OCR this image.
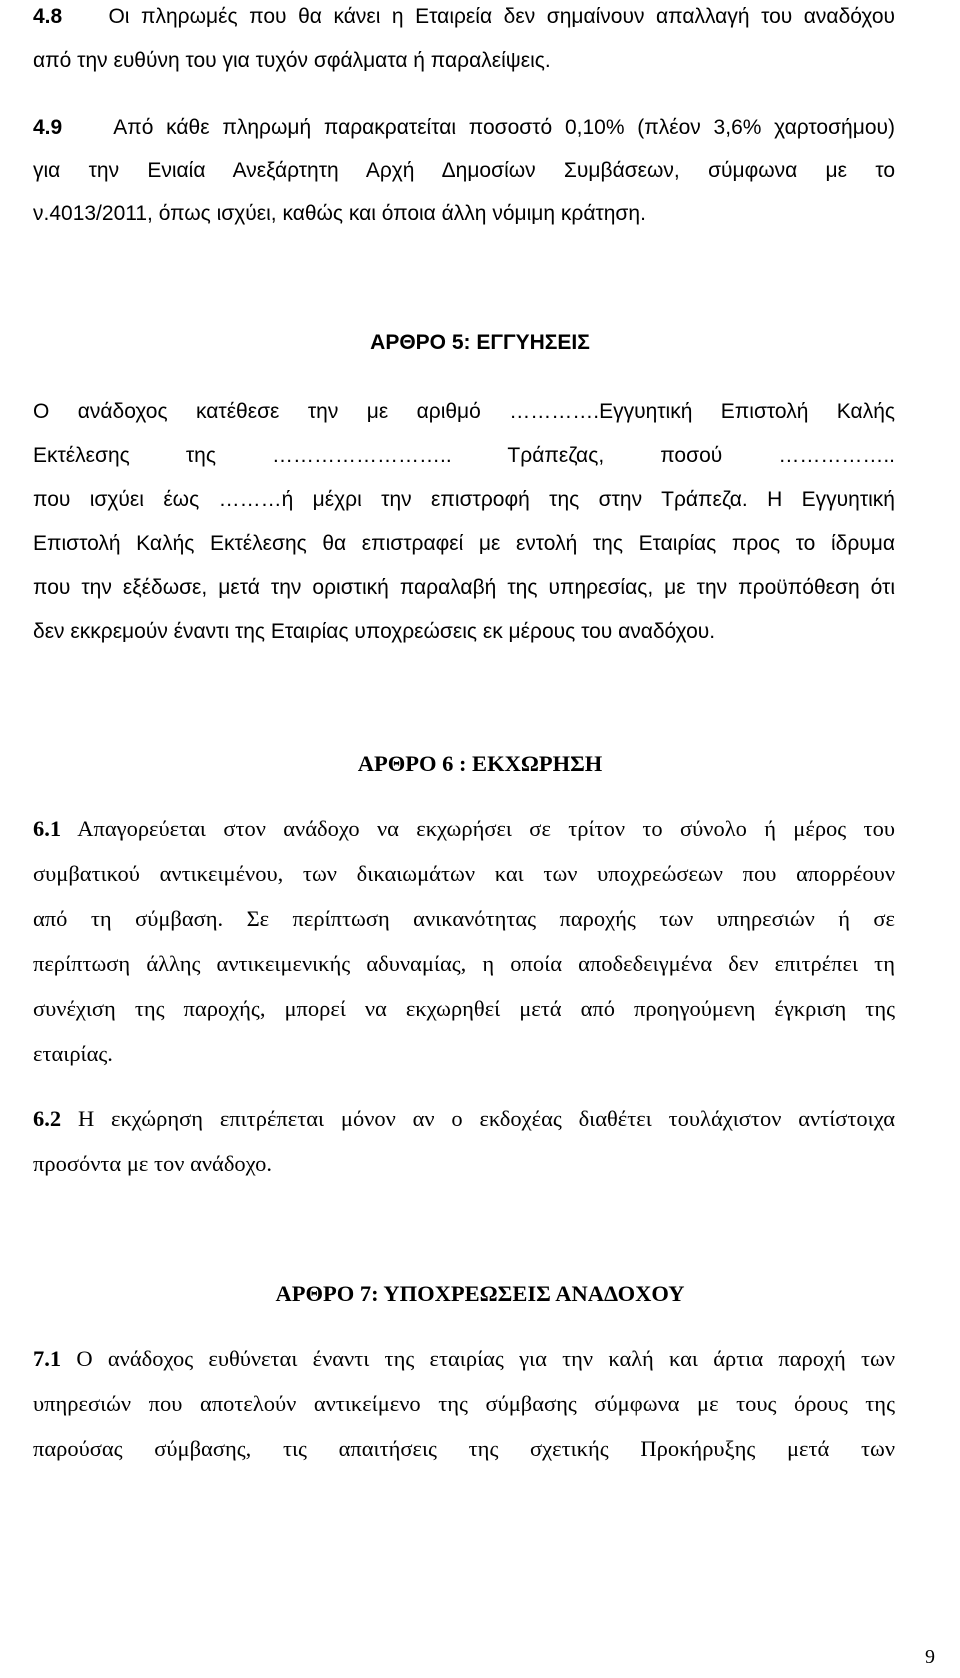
4.8 Οι πληρωμές που θα κάνει η Εταιρεία δεν σημαίνουν απαλλαγή του αναδόχου
από την ευθύνη του για τυχόν σφάλματα ή παραλείψεις.
4.9 Από κάθε πληρωμή παρακρατείται ποσοστό 0,10% (πλέον 3,6% χαρτοσήμου)
για την Ενιαία Ανεξάρτητη Αρχή Δημοσίων Συμβάσεων, σύμφωνα με το
ν.4013/2011, όπως ισχύει, καθώς και όποια άλλη νόμιμη κράτηση.
ΑΡΘΡΟ 5: ΕΓΓΥΗΣΕΙΣ
Ο ανάδοχος κατέθεσε την με αριθμό ………….Εγγυητική Επιστολή Καλής
Εκτέλεσης της …………………….. Τράπεζας, ποσού ……………..
που ισχύει έως ………ή μέχρι την επιστροφή της στην Τράπεζα. Η Εγγυητική
Επιστολή Καλής Εκτέλεσης θα επιστραφεί με εντολή της Εταιρίας προς το ίδρυμα
που την εξέδωσε, μετά την οριστική παραλαβή της υπηρεσίας, με την προϋπόθεση ότι
δεν εκκρεμούν έναντι της Εταιρίας υποχρεώσεις εκ μέρους του αναδόχου.
ΑΡΘΡΟ 6 : ΕΚΧΩΡΗΣΗ
6.1 Απαγορεύεται στον ανάδοχο να εκχωρήσει σε τρίτον το σύνολο ή μέρος του
συμβατικού αντικειμένου, των δικαιωμάτων και των υποχρεώσεων που απορρέουν
από τη σύμβαση. Σε περίπτωση ανικανότητας παροχής των υπηρεσιών ή σε
περίπτωση άλλης αντικειμενικής αδυναμίας, η οποία αποδεδειγμένα δεν επιτρέπει τη
συνέχιση της παροχής, μπορεί να εκχωρηθεί μετά από προηγούμενη έγκριση της
εταιρίας.
6.2 Η εκχώρηση επιτρέπεται μόνον αν ο εκδοχέας διαθέτει τουλάχιστον αντίστοιχα
προσόντα με τον ανάδοχο.
ΑΡΘΡΟ 7: ΥΠΟΧΡΕΩΣΕΙΣ ΑΝΑΔΟΧΟΥ
7.1 Ο ανάδοχος ευθύνεται έναντι της εταιρίας για την καλή και άρτια παροχή των
υπηρεσιών που αποτελούν αντικείμενο της σύμβασης σύμφωνα με τους όρους της
παρούσας σύμβασης, τις απαιτήσεις της σχετικής Προκήρυξης μετά των
9
